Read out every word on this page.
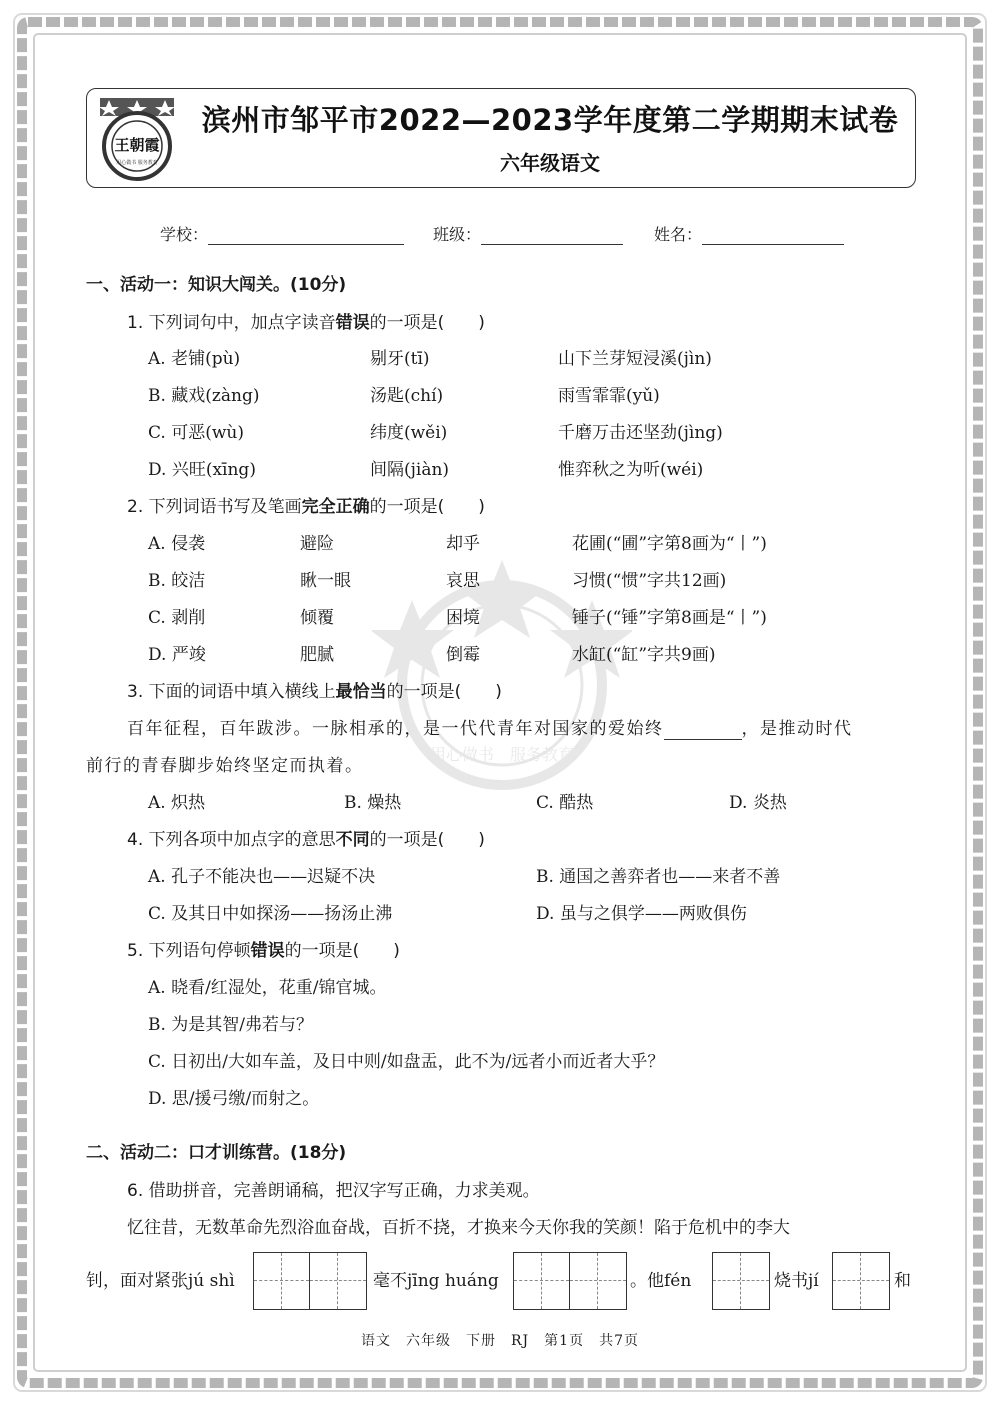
用心做书　服务教育
王朝霞
用心做书 服务教育
滨州市邹平市2022—2023学年度第二学期期末试卷
六年级语文
学校：	班级：	姓名：
一、活动一：知识大闯关。(10分)
1. 下列词句中，加点字读音错误的一项是(　　)
A. 老铺(pù)	剔牙(tī)	山下兰芽短浸溪(jìn)
B. 藏戏(zàng)	汤匙(chí)	雨雪霏霏(yǔ)
C. 可恶(wù)	纬度(wěi)	千磨万击还坚劲(jìng)
D. 兴旺(xīng)	间隔(jiàn)	惟弈秋之为听(wéi)
2. 下列词语书写及笔画完全正确的一项是(　　)
A. 侵袭	避险	却乎	花圃(“圃”字第8画为“丨”)
B. 皎洁	瞅一眼	哀思	习惯(“惯”字共12画)
C. 剥削	倾覆	困境	锤子(“锤”字第8画是“丨”)
D. 严竣	肥腻	倒霉	水缸(“缸”字共9画)
3. 下面的词语中填入横线上最恰当的一项是(　　)
百年征程，百年跋涉。一脉相承的，是一代代青年对国家的爱始终	，是推动时代
前行的青春脚步始终坚定而执着。
A. 炽热	B. 燥热	C. 酷热	D. 炎热
4. 下列各项中加点字的意思不同的一项是(　　)
A. 孔子不能决也——迟疑不决	B. 通国之善弈者也——来者不善
C. 及其日中如探汤——扬汤止沸	D. 虽与之俱学——两败俱伤
5. 下列语句停顿错误的一项是(　　)
A. 晓看/红湿处，花重/锦官城。
B. 为是其智/弗若与？
C. 日初出/大如车盖，及日中则/如盘盂，此不为/远者小而近者大乎？
D. 思/援弓缴/而射之。
二、活动二：口才训练营。(18分)
6. 借助拼音，完善朗诵稿，把汉字写正确，力求美观。
忆往昔，无数革命先烈浴血奋战，百折不挠，才换来今天你我的笑颜！陷于危机中的李大
钊，面对紧张jú shì	毫不jīng huáng	。他fén	烧书jí	和
语文　六年级　下册　RJ　第1页　共7页
